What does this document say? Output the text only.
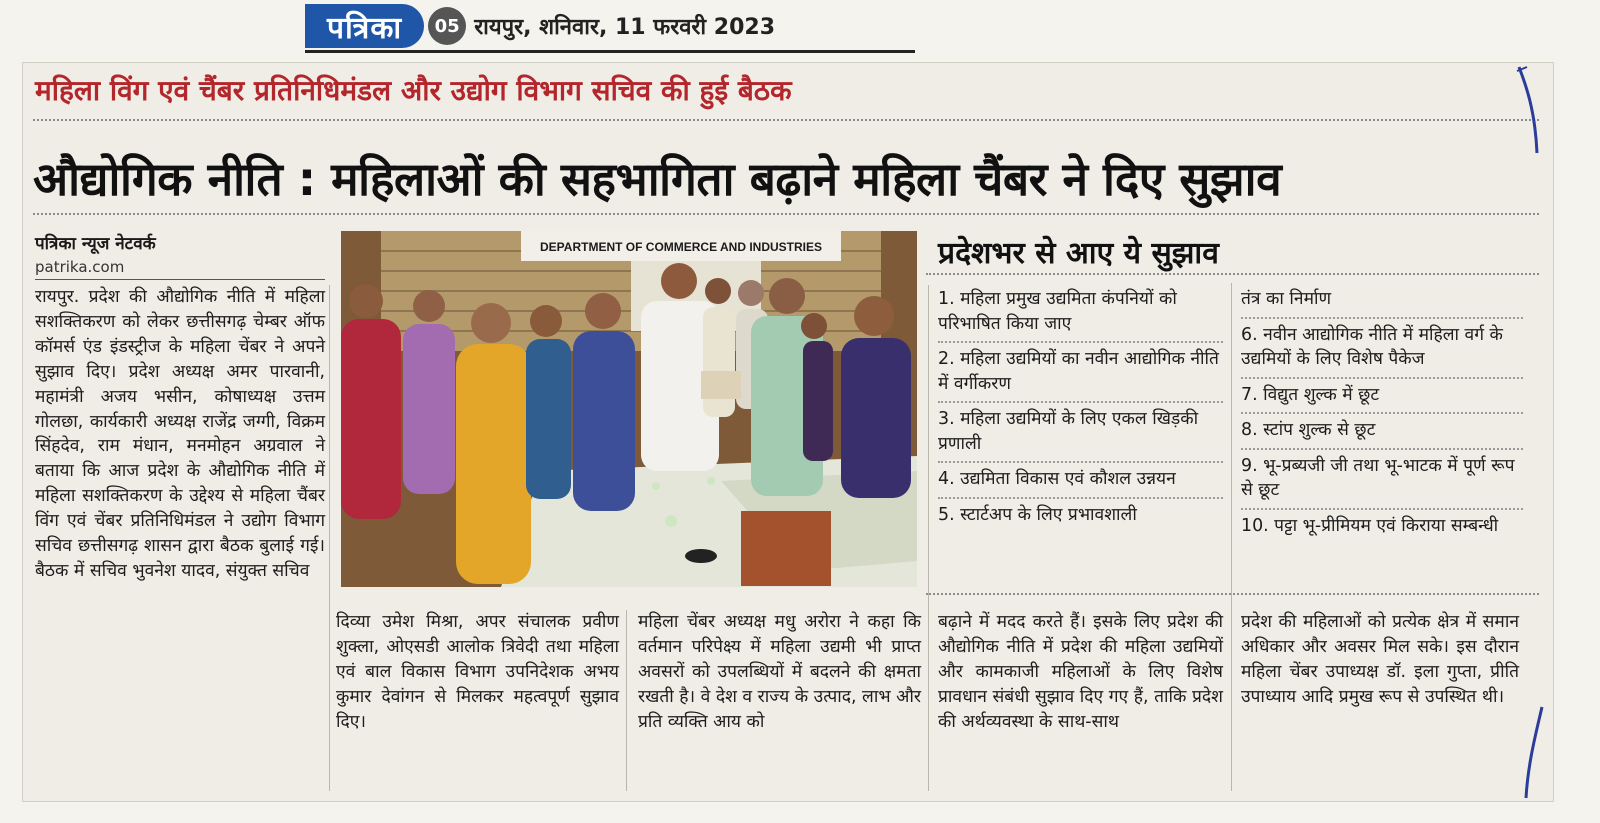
पत्रिका	05 रायपुर, शनिवार, 11 फरवरी 2023
महिला विंग एवं चैंबर प्रतिनिधिमंडल और उद्योग विभाग सचिव की हुई बैठक
औद्योगिक नीति : महिलाओं की सहभागिता बढ़ाने महिला चैंबर ने दिए सुझाव
पत्रिका न्यूज नेटवर्क
patrika.com
रायपुर. प्रदेश की औद्योगिक नीति में महिला सशक्तिकरण को लेकर छत्तीसगढ़ चेम्बर ऑफ कॉमर्स एंड इंडस्ट्रीज के महिला चेंबर ने अपने सुझाव दिए। प्रदेश अध्यक्ष अमर पारवानी, महामंत्री अजय भसीन, कोषाध्यक्ष उत्तम गोलछा, कार्यकारी अध्यक्ष राजेंद्र जग्गी, विक्रम सिंहदेव, राम मंधान, मनमोहन अग्रवाल ने बताया कि आज प्रदेश के औद्योगिक नीति में महिला सशक्तिकरण के उद्देश्य से महिला चैंबर विंग एवं चेंबर प्रतिनिधिमंडल ने उद्योग विभाग सचिव छत्तीसगढ़ शासन द्वारा बैठक बुलाई गई। बैठक में सचिव भुवनेश यादव, संयुक्त सचिव
DEPARTMENT OF COMMERCE AND INDUSTRIES
दिव्या उमेश मिश्रा, अपर संचालक प्रवीण शुक्ला, ओएसडी आलोक त्रिवेदी तथा महिला एवं बाल विकास विभाग उपनिदेशक अभय कुमार देवांगन से मिलकर महत्वपूर्ण सुझाव दिए।
महिला चेंबर अध्यक्ष मधु अरोरा ने कहा कि वर्तमान परिपेक्ष्य में महिला उद्यमी भी प्राप्त अवसरों को उपलब्धियों में बदलने की क्षमता रखती है। वे देश व राज्य के उत्पाद, लाभ और प्रति व्यक्ति आय को
प्रदेशभर से आए ये सुझाव
1. महिला प्रमुख उद्यमिता कंपनियों को परिभाषित किया जाए
2. महिला उद्यमियों का नवीन आद्योगिक नीति में वर्गीकरण
3. महिला उद्यमियों के लिए एकल खिड़की प्रणाली
4. उद्यमिता विकास एवं कौशल उन्नयन
5. स्टार्टअप के लिए प्रभावशाली
तंत्र का निर्माण
6. नवीन आद्योगिक नीति में महिला वर्ग के उद्यमियों के लिए विशेष पैकेज
7. विद्युत शुल्क में छूट
8. स्टांप शुल्क से छूट
9. भू-प्रब्यजी जी तथा भू-भाटक में पूर्ण रूप से छूट
10. पट्टा भू-प्रीमियम एवं किराया सम्बन्धी
बढ़ाने में मदद करते हैं। इसके लिए प्रदेश की औद्योगिक नीति में प्रदेश की महिला उद्यमियों और कामकाजी महिलाओं के लिए विशेष प्रावधान संबंधी सुझाव दिए गए हैं, ताकि प्रदेश की अर्थव्यवस्था के साथ-साथ
प्रदेश की महिलाओं को प्रत्येक क्षेत्र में समान अधिकार और अवसर मिल सके। इस दौरान महिला चेंबर उपाध्यक्ष डॉ. इला गुप्ता, प्रीति उपाध्याय आदि प्रमुख रूप से उपस्थित थी।
